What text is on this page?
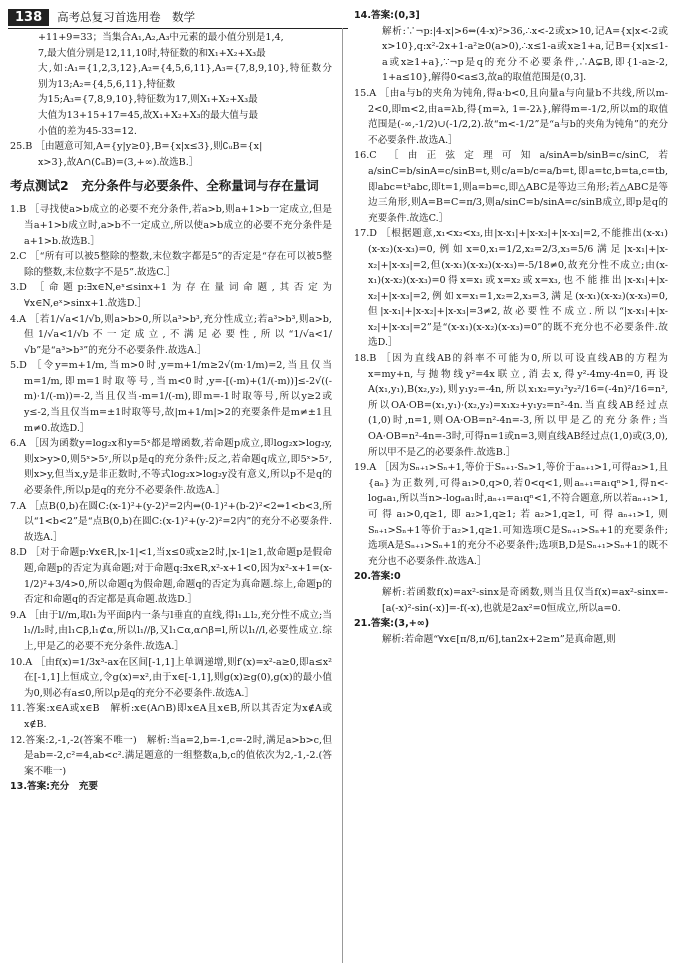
138	高考总复习首选用卷　数学

+11+9=33；当集合A₁,A₂,A₃中元素的最小值分别是1,4,

7,最大值分别是12,11,10时,特征数的和X₁+X₂+X₃最

大,如:A₁={1,2,3,12},A₂={4,5,6,11},A₃={7,8,9,10},特征数分别为13;A₂={4,5,6,11},特征数

为15;A₃={7,8,9,10},特征数为17,则X₁+X₂+X₃最

大值为13+15+17=45,故X₁+X₂+X₃的最大值与最

小值的差为45-33=12.

25.B ［由题意可知,A={y|y≥0},B={x|x≤3},则∁ᵤB={x|

x>3},故A∩(∁ᵤB)=(3,+∞).故选B.］

考点测试2　充分条件与必要条件、全称量词与存在量词

1.B ［寻找使a>b成立的必要不充分条件,若a>b,则a+1>b一定成立,但是当a+1>b成立时,a>b不一定成立,所以使a>b成立的必要不充分条件是a+1>b.故选B.］

2.C ［“所有可以被5整除的整数,末位数字都是5”的否定是“存在可以被5整除的整数,末位数字不是5”.故选C.］

3.D ［命题p:∃x∈N,eˣ≤sinx+1为存在量词命题,其否定为∀x∈N,eˣ>sinx+1.故选D.］

4.A ［若1/√a<1/√b,则a>b>0,所以a³>b³,充分性成立;若a³>b³,则a>b,但1/√a<1/√b不一定成立,不满足必要性,所以“1/√a<1/√b”是“a³>b³”的充分不必要条件.故选A.］

5.D ［令y=m+1/m,当m>0时,y=m+1/m≥2√(m·1/m)=2,当且仅当m=1/m,即m=1时取等号,当m<0时,y=-[(-m)+(1/(-m))]≤-2√((-m)·1/(-m))=-2,当且仅当-m=1/(-m),即m=-1时取等号,所以y≥2或y≤-2,当且仅当m=±1时取等号,故|m+1/m|>2的充要条件是m≠±1且m≠0.故选D.］

6.A ［因为函数y=log₂x和y=5ˣ都是增函数,若命题p成立,即log₂x>log₂y,则x>y>0,则5ˣ>5ʸ,所以p是q的充分条件;反之,若命题q成立,即5ˣ>5ʸ,则x>y,但当x,y是非正数时,不等式log₂x>log₂y没有意义,所以p不是q的必要条件,所以p是q的充分不必要条件.故选A.］

7.A ［点B(0,b)在圆C:(x-1)²+(y-2)²=2内⇔(0-1)²+(b-2)²<2⇔1<b<3,所以“1<b<2”是“点B(0,b)在圆C:(x-1)²+(y-2)²=2内”的充分不必要条件.故选A.］

8.D ［对于命题p:∀x∈R,|x-1|<1,当x≤0或x≥2时,|x-1|≥1,故命题p是假命题,命题p的否定为真命题;对于命题q:∃x∈R,x²-x+1<0,因为x²-x+1=(x-1/2)²+3/4>0,所以命题q为假命题,命题q的否定为真命题.综上,命题p的否定和命题q的否定都是真命题.故选D.］

9.A ［由于l//m,取l₁为平面β内一条与l垂直的直线,得l₁⊥l₂,充分性不成立;当l₁//l₂时,由l₁⊂β,l₁⊄α,所以l₁//β,又l₁⊂α,α∩β=l,所以l₁//l,必要性成立.综上,甲是乙的必要不充分条件.故选A.］

10.A ［由f(x)=1/3x³-ax在区间[-1,1]上单调递增,则f′(x)=x²-a≥0,即a≤x²在[-1,1]上恒成立,令g(x)=x²,由于x∈[-1,1],则g(x)≥g(0),g(x)的最小值为0,则必有a≤0,所以p是q的充分不必要条件.故选A.］

11.答案:x∈A或x∈B　解析:x∈(A∩B)即x∈A且x∈B,所以其否定为x∉A或x∉B.

12.答案:2,-1,-2(答案不唯一)　解析:当a=2,b=-1,c=-2时,满足a>b>c,但是ab=-2,c²=4,ab<c².满足题意的一组整数a,b,c的值依次为2,-1,-2.(答案不唯一)

13.答案:充分　充要

14.答案:(0,3]

解析:∵¬p:|4-x|>6⇔(4-x)²>36,∴x<-2或x>10,记A={x|x<-2或x>10},q:x²-2x+1-a²≥0(a>0),∴x≤1-a或x≥1+a,记B={x|x≤1-a或x≥1+a},∵¬p是q的充分不必要条件,∴A⊊B,即{1-a≥-2, 1+a≤10},解得0<a≤3,故a的取值范围是(0,3].

15.A ［由a与b的夹角为钝角,得a·b<0,且向量a与向量b不共线,所以m-2<0,即m<2,由a=λb,得{m=λ, 1=-2λ},解得m=-1/2,所以m的取值范围是(-∞,-1/2)∪(-1/2,2).故“m<-1/2”是“a与b的夹角为钝角”的充分不必要条件.故选A.］

16.C ［由正弦定理可知a/sinA=b/sinB=c/sinC,若a/sinC=b/sinA=c/sinB=t,则c/a=b/c=a/b=t,即a=tc,b=ta,c=tb,即abc=t³abc,即t=1,则a=b=c,即△ABC是等边三角形;若△ABC是等边三角形,则A=B=C=π/3,则a/sinC=b/sinA=c/sinB成立,即p是q的充要条件.故选C.］

17.D ［根据题意,x₁<x₂<x₃,由|x-x₁|+|x-x₂|+|x-x₃|=2,不能推出(x-x₁)(x-x₂)(x-x₃)=0,例如x=0,x₁=1/2,x₂=2/3,x₃=5/6满足|x-x₁|+|x-x₂|+|x-x₃|=2,但(x-x₁)(x-x₂)(x-x₃)=-5/18≠0,故充分性不成立;由(x-x₁)(x-x₂)(x-x₃)=0得x=x₁或x=x₂或x=x₃,也不能推出|x-x₁|+|x-x₂|+|x-x₃|=2,例如x=x₁=1,x₂=2,x₃=3,满足(x-x₁)(x-x₂)(x-x₃)=0,但|x-x₁|+|x-x₂|+|x-x₃|=3≠2,故必要性不成立.所以“|x-x₁|+|x-x₂|+|x-x₃|=2”是“(x-x₁)(x-x₂)(x-x₃)=0”的既不充分也不必要条件.故选D.］

18.B ［因为直线AB的斜率不可能为0,所以可设直线AB的方程为x=my+n,与抛物线y²=4x联立,消去x,得y²-4my-4n=0,再设A(x₁,y₁),B(x₂,y₂),则y₁y₂=-4n,所以x₁x₂=y₁²y₂²/16=(-4n)²/16=n²,所以OA·OB=(x₁,y₁)·(x₂,y₂)=x₁x₂+y₁y₂=n²-4n.当直线AB经过点(1,0)时,n=1,则OA·OB=n²-4n=-3,所以甲是乙的充分条件;当OA·OB=n²-4n=-3时,可得n=1或n=3,则直线AB经过点(1,0)或(3,0),所以甲不是乙的必要条件.故选B.］

19.A ［因为Sₙ₊₁>Sₙ+1,等价于Sₙ₊₁-Sₙ>1,等价于aₙ₊₁>1,可得a₂>1,且{aₙ}为正数列,可得a₁>0,q>0,若0<q<1,则aₙ₊₁=a₁qⁿ>1,得n<-logₐa₁,所以当n>-logₐa₁时,aₙ₊₁=a₁qⁿ<1,不符合题意,所以若aₙ₊₁>1,可得a₁>0,q≥1,即a₂>1,q≥1;若a₂>1,q≥1,可得aₙ₊₁>1,则Sₙ₊₁>Sₙ+1等价于a₂>1,q≥1.可知选项C是Sₙ₊₁>Sₙ+1的充要条件;选项A是Sₙ₊₁>Sₙ+1的充分不必要条件;选项B,D是Sₙ₊₁>Sₙ+1的既不充分也不必要条件.故选A.］

20.答案:0

解析:若函数f(x)=ax²-sinx是奇函数,则当且仅当f(x)=ax²-sinx=-[a(-x)²-sin(-x)]=-f(-x),也就是2ax²=0恒成立,所以a=0.

21.答案:(3,+∞)

解析:若命题“∀x∈[π/8,π/6],tan2x+2≥m”是真命题,则
